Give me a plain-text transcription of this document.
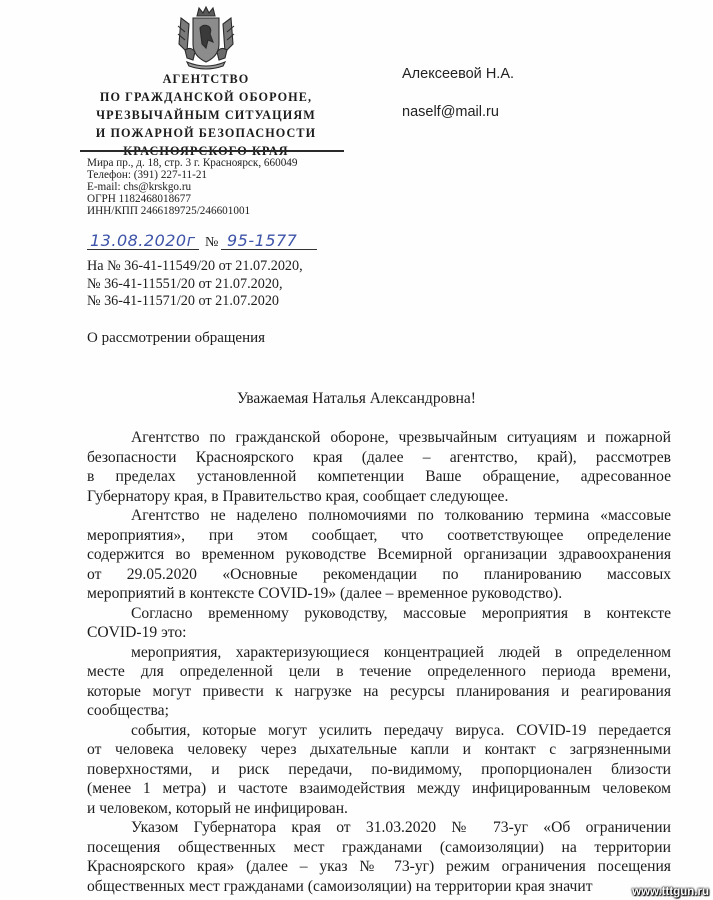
АГЕНТСТВО
ПО ГРАЖДАНСКОЙ ОБОРОНЕ,
ЧРЕЗВЫЧАЙНЫМ СИТУАЦИЯМ
И ПОЖАРНОЙ БЕЗОПАСНОСТИ
КРАСНОЯРСКОГО КРАЯ
Мира пр., д. 18, стр. 3 г. Красноярск, 660049
Телефон: (391) 227-11-21
E-mail: chs@krskgo.ru
ОГРН 1182468018677
ИНН/КПП 2466189725/246601001
Алексеевой Н.А.
naself@mail.ru
13.08.2020г № 95-1577
На № 36-41-11549/20 от 21.07.2020,
№ 36-41-11551/20 от 21.07.2020,
№ 36-41-11571/20 от 21.07.2020
О рассмотрении обращения
Уважаемая Наталья Александровна!
Агентство по гражданской обороне, чрезвычайным ситуациям и пожарной
безопасности Красноярского края (далее – агентство, край), рассмотрев
в пределах установленной компетенции Ваше обращение, адресованное
Губернатору края, в Правительство края, сообщает следующее.
Агентство не наделено полномочиями по толкованию термина «массовые
мероприятия», при этом сообщает, что соответствующее определение
содержится во временном руководстве Всемирной организации здравоохранения
от 29.05.2020 «Основные рекомендации по планированию массовых
мероприятий в контексте COVID-19» (далее – временное руководство).
Согласно временному руководству, массовые мероприятия в контексте
COVID-19 это:
мероприятия, характеризующиеся концентрацией людей в определенном
месте для определенной цели в течение определенного периода времени,
которые могут привести к нагрузке на ресурсы планирования и реагирования
сообщества;
события, которые могут усилить передачу вируса. COVID-19 передается
от человека человеку через дыхательные капли и контакт с загрязненными
поверхностями, и риск передачи, по-видимому, пропорционален близости
(менее 1 метра) и частоте взаимодействия между инфицированным человеком
и человеком, который не инфицирован.
Указом Губернатора края от 31.03.2020 № 73-уг «Об ограничении
посещения общественных мест гражданами (самоизоляции) на территории
Красноярского края» (далее – указ № 73-уг) режим ограничения посещения
общественных мест гражданами (самоизоляции) на территории края значит	www.tttgun.ru
